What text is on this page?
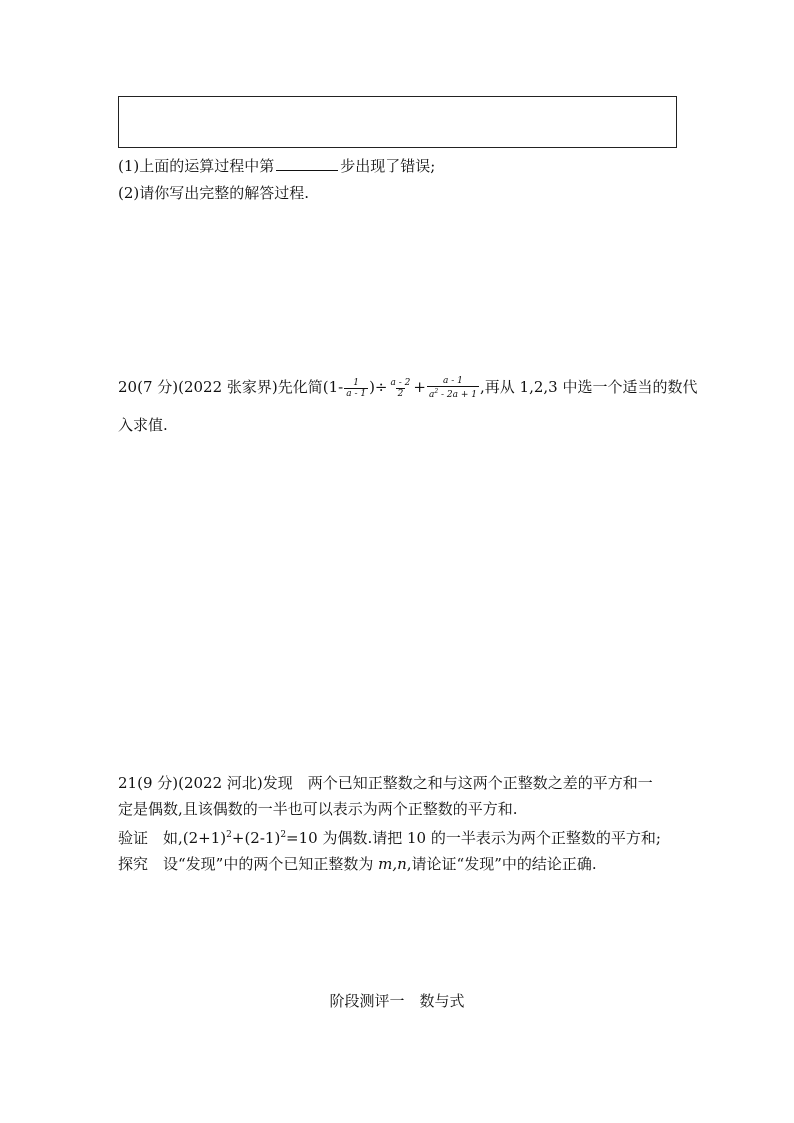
(1)上面的运算过程中第	步出现了错误;
(2)请你写出完整的解答过程.
20(7 分)(2022 张家界)先化简($1- \frac{1}{a - 1}$ )÷ $\frac{a - 2}{2} + \frac{a - 1}{a^2 - 2a + 1}$ ,再从 1,2,3 中选一个适当的数代
入求值.
21(9 分)(2022 河北)发现　两个已知正整数之和与这两个正整数之差的平方和一
定是偶数,且该偶数的一半也可以表示为两个正整数的平方和.
验证　如$,(2+1)^2+(2-1)^2=10$ 为偶数.请把 10 的一半表示为两个正整数的平方和;
探究　设“发现”中的两个已知正整数为 m,n,请论证“发现”中的结论正确.
阶段测评一　数与式
